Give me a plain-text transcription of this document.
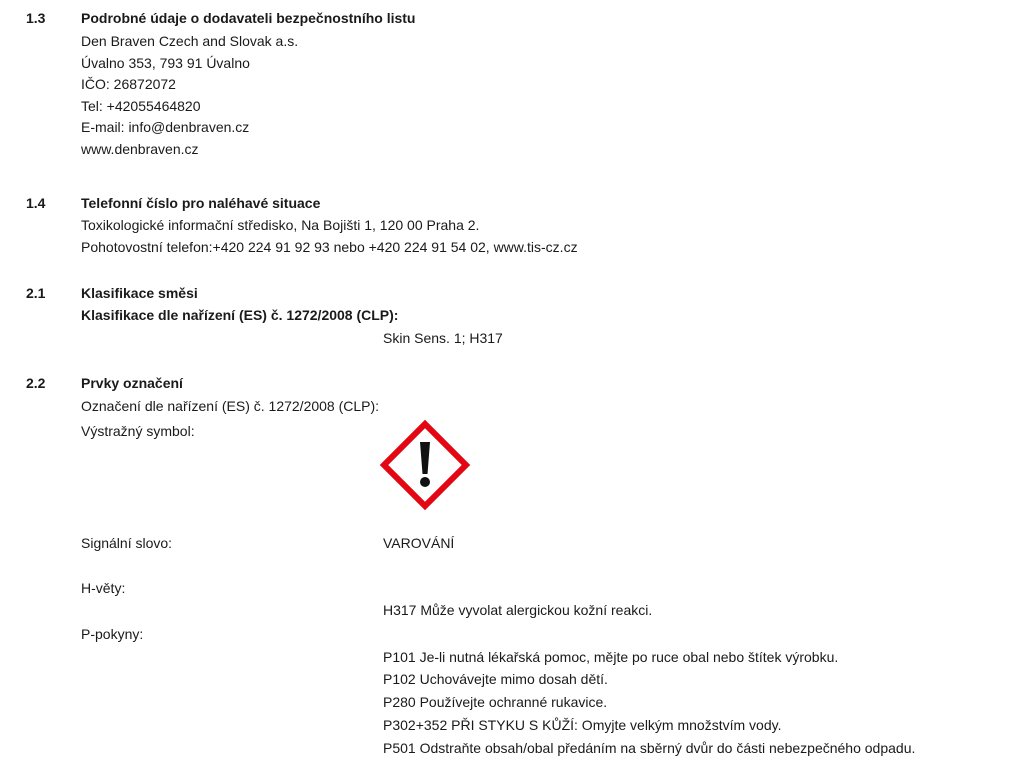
1.3	Podrobné údaje o dodavateli bezpečnostního listu
Den Braven Czech and Slovak a.s.
Úvalno 353, 793 91 Úvalno
IČO: 26872072
Tel: +42055464820
E-mail: info@denbraven.cz
www.denbraven.cz
1.4	Telefonní číslo pro naléhavé situace
Toxikologické informační středisko, Na Bojišti 1, 120 00 Praha 2.
Pohotovostní telefon:+420 224 91 92 93 nebo +420 224 91 54 02, www.tis-cz.cz
2.1	Klasifikace směsi
Klasifikace dle nařízení (ES) č. 1272/2008 (CLP):
Skin Sens. 1; H317
2.2	Prvky označení
Označení dle nařízení (ES) č. 1272/2008 (CLP):
Výstražný symbol:
Signální slovo:	VAROVÁNÍ
H-věty:
H317 Může vyvolat alergickou kožní reakci.
P-pokyny:
P101 Je-li nutná lékařská pomoc, mějte po ruce obal nebo štítek výrobku.
P102 Uchovávejte mimo dosah dětí.
P280 Používejte ochranné rukavice.
P302+352 PŘI STYKU S KŮŽÍ: Omyjte velkým množstvím vody.
P501 Odstraňte obsah/obal předáním na sběrný dvůr do části nebezpečného odpadu.
